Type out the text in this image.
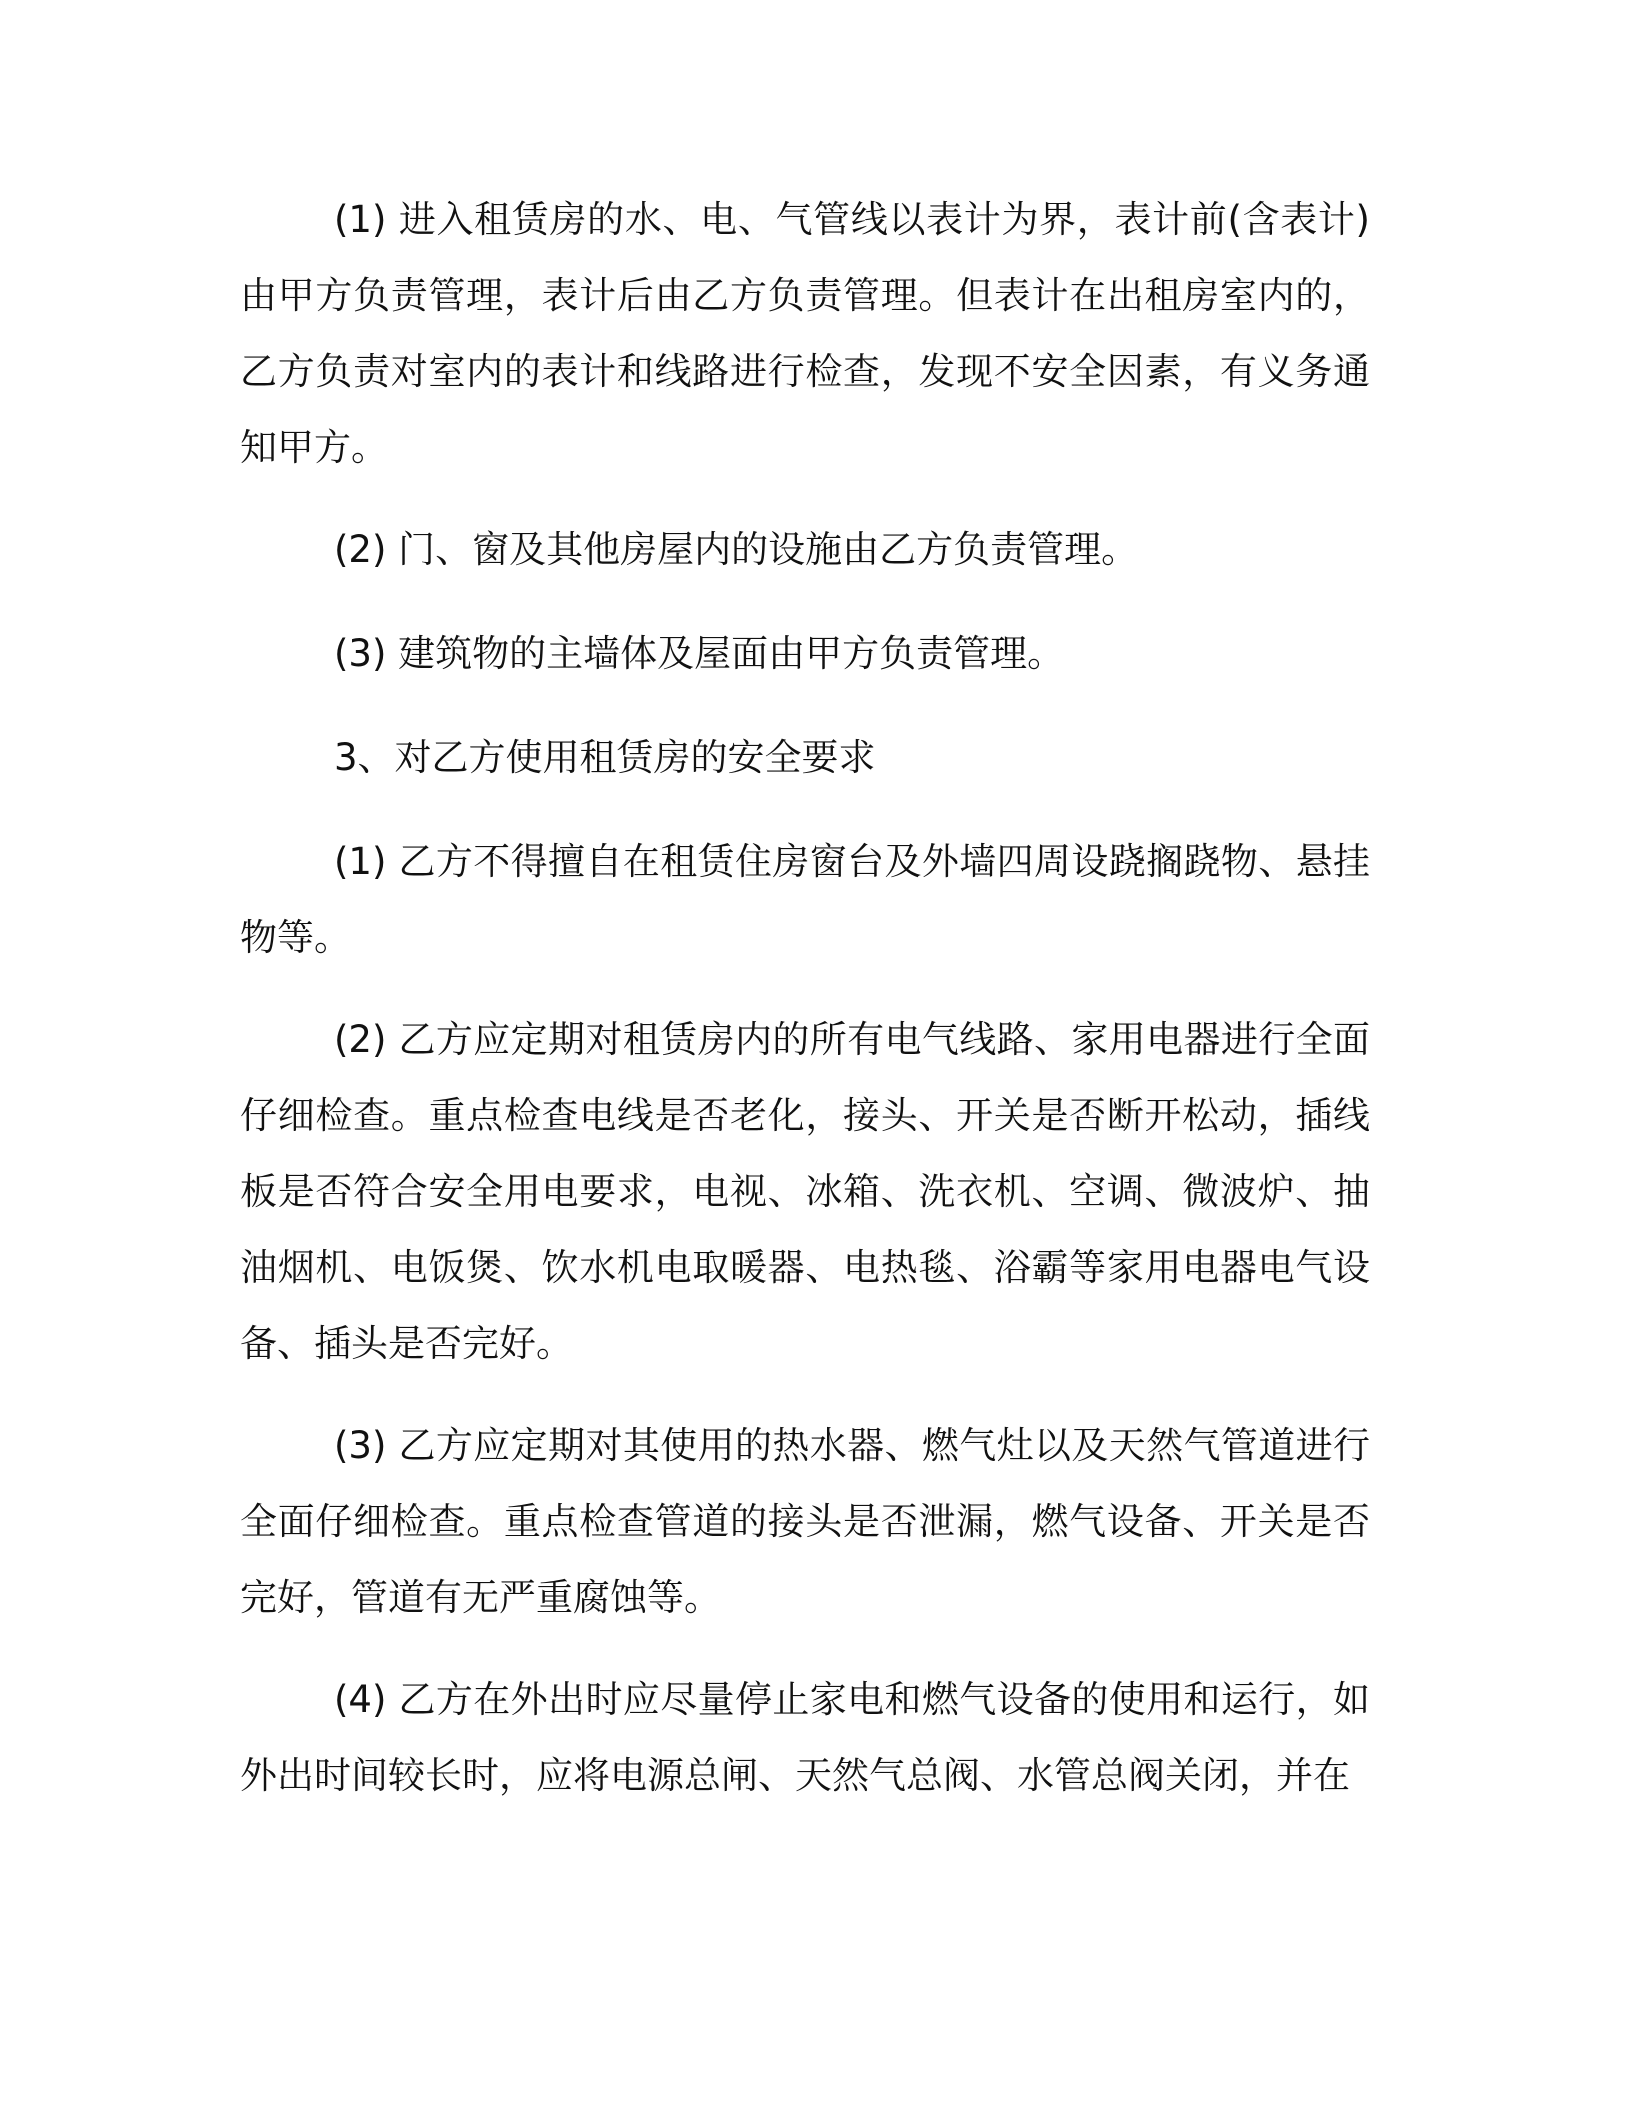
(1) 进入租赁房的水、电、气管线以表计为界，表计前(含表计)由甲方负责管理，表计后由乙方负责管理。但表计在出租房室内的，乙方负责对室内的表计和线路进行检查，发现不安全因素，有义务通知甲方。

(2) 门、窗及其他房屋内的设施由乙方负责管理。

(3) 建筑物的主墙体及屋面由甲方负责管理。

3、对乙方使用租赁房的安全要求

(1) 乙方不得擅自在租赁住房窗台及外墙四周设跷搁跷物、悬挂物等。

(2) 乙方应定期对租赁房内的所有电气线路、家用电器进行全面仔细检查。重点检查电线是否老化，接头、开关是否断开松动，插线板是否符合安全用电要求，电视、冰箱、洗衣机、空调、微波炉、抽油烟机、电饭煲、饮水机电取暖器、电热毯、浴霸等家用电器电气设备、插头是否完好。

(3) 乙方应定期对其使用的热水器、燃气灶以及天然气管道进行全面仔细检查。重点检查管道的接头是否泄漏，燃气设备、开关是否完好，管道有无严重腐蚀等。

(4) 乙方在外出时应尽量停止家电和燃气设备的使用和运行，如外出时间较长时，应将电源总闸、天然气总阀、水管总阀关闭，并在
